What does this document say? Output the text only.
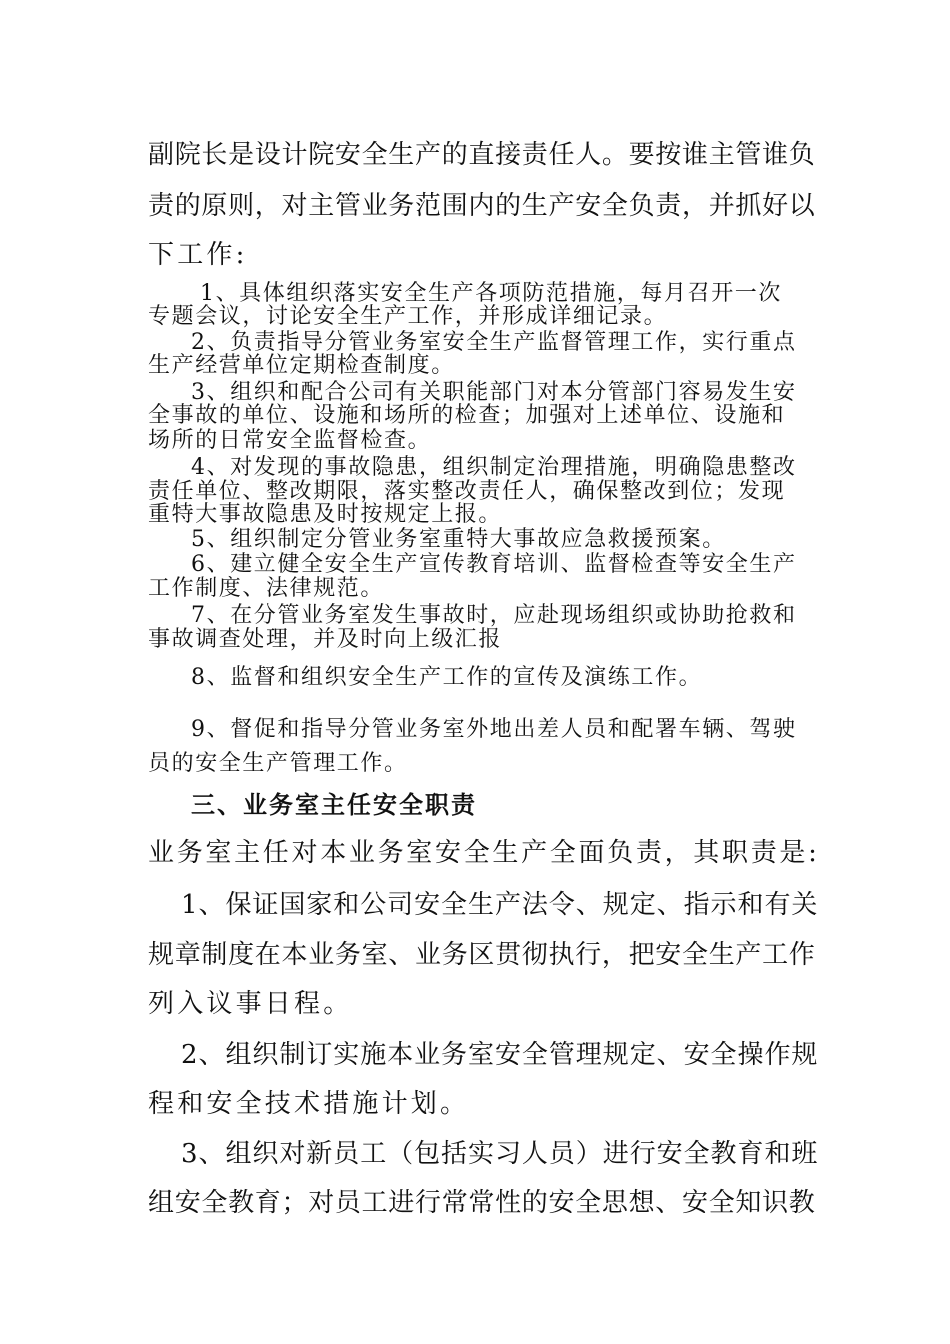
副院长是设计院安全生产的直接责任人。要按谁主管谁负

责的原则，对主管业务范围内的生产安全负责，并抓好以

下工作:

1、具体组织落实安全生产各项防范措施，每月召开一次

专题会议，讨论安全生产工作，并形成详细记录。

2、负责指导分管业务室安全生产监督管理工作，实行重点

生产经营单位定期检查制度。

3、组织和配合公司有关职能部门对本分管部门容易发生安

全事故的单位、设施和场所的检查；加强对上述单位、设施和

场所的日常安全监督检查。

4、对发现的事故隐患，组织制定治理措施，明确隐患整改

责任单位、整改期限，落实整改责任人，确保整改到位；发现

重特大事故隐患及时按规定上报。

5、组织制定分管业务室重特大事故应急救援预案。

6、建立健全安全生产宣传教育培训、监督检查等安全生产

工作制度、法律规范。

7、在分管业务室发生事故时，应赴现场组织或协助抢救和

事故调查处理，并及时向上级汇报

8、监督和组织安全生产工作的宣传及演练工作。

9、督促和指导分管业务室外地出差人员和配署车辆、驾驶

员的安全生产管理工作。

三、业务室主任安全职责

业务室主任对本业务室安全生产全面负责，其职责是:

1、保证国家和公司安全生产法令、规定、指示和有关

规章制度在本业务室、业务区贯彻执行，把安全生产工作

列入议事日程。

2、组织制订实施本业务室安全管理规定、安全操作规

程和安全技术措施计划。

3、组织对新员工（包括实习人员）进行安全教育和班

组安全教育；对员工进行常常性的安全思想、安全知识教
